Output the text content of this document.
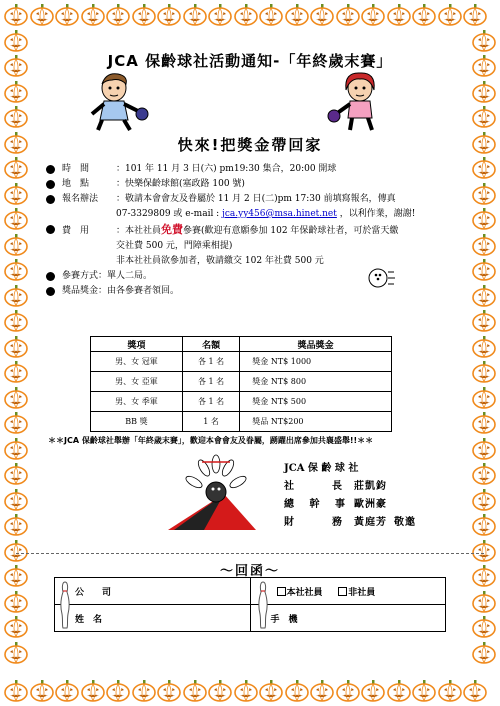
JCA 保齡球社活動通知-「年終歲末賽」
快來!把獎金帶回家
時　間	：101 年 11 月 3 日(六) pm19:30 集合，20:00 開球
地　點	：快樂保齡球館(塞政路 100 號)
報名辦法 ：敬請本會會友及眷屬於 11 月 2 日(二)pm 17:30 前填寫報名，傳真
07-3329809 或 e-mail : jca.yy456@msa.hinet.net ，以利作業，謝謝!
費　用	：本社社員免費參賽(歡迎有意願參加 102 年保齡球社者，可於當天繳
交社費 500 元，門障乘相提)
非本社社員欲參加者，敬請繳交 102 年社費 500 元
參賽方式：單人二局。
獎品獎金：由各參賽者領回。
獎項	名額	獎品獎金
男、女 冠軍	各 1 名	獎金 NT$ 1000
男、女 亞軍	各 1 名	獎金 NT$ 800
男、女 季軍	各 1 名	獎金 NT$ 500
BB 獎	1 名	獎品 NT$200
＊＊JCA 保齡球社舉辦「年終歲末賽」，歡迎本會會友及眷屬，踴躍出席參加共襄盛舉!!＊＊
JCA 保 齡 球 社
社　　長 莊凱鈞
總 幹 事 歐洲豪
財　　務 黃庭芳 敬邀
～回函～
公　　司	本社社員 非社員
姓　名	手　機
